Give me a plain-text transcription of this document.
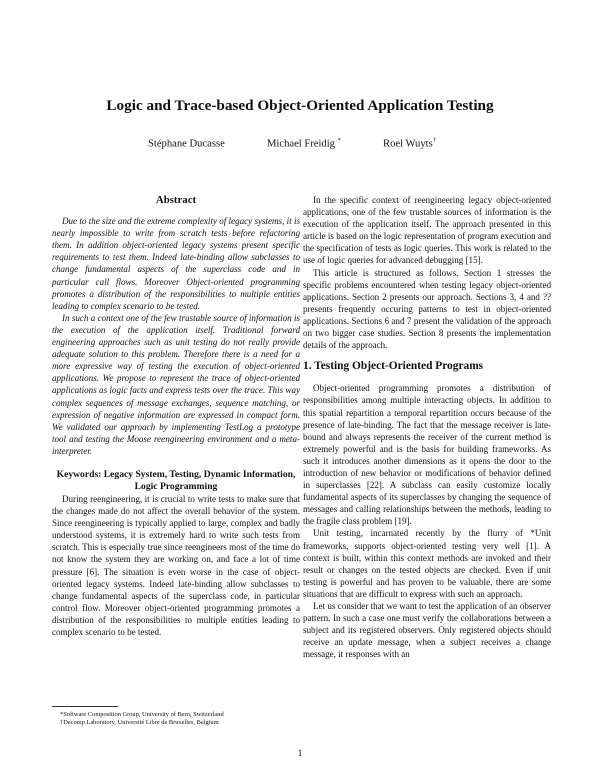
Logic and Trace-based Object-Oriented Application Testing
Stéphane Ducasse	Michael Freidig *	Roel Wuyts†
Abstract

Due to the size and the extreme complexity of legacy systems, it is nearly impossible to write from scratch tests before refactoring them. In addition object-oriented legacy systems present specific requirements to test them. Indeed late-binding allow subclasses to change fundamental aspects of the superclass code and in particular call flows. Moreover Object-oriented programming promotes a distribution of the responsibilities to multiple entities leading to complex scenario to be tested.

In such a context one of the few trustable source of information is the execution of the application itself. Traditional forward engineering approaches such as unit testing do not really provide adequate solution to this problem. Therefore there is a need for a more expressive way of testing the execution of object-oriented applications. We propose to represent the trace of object-oriented applications as logic facts and express tests over the trace. This way complex sequences of message exchanges, sequence matching, or expression of negative information are expressed in compact form. We validated our approach by implementing TestLog a prototype tool and testing the Moose reengineering environment and a meta-interpreter.

Keywords: Legacy System, Testing, Dynamic Information, Logic Programming

During reengineering, it is crucial to write tests to make sure that the changes made do not affect the overall behavior of the system. Since reengineering is typically applied to large, complex and badly understood systems, it is extremely hard to write such tests from scratch. This is especially true since reengineers most of the time do not know the system they are working on, and face a lot of time pressure [6]. The situation is even worse in the case of object-oriented legacy systems. Indeed late-binding allow subclasses to change fundamental aspects of the superclass code, in particular control flow. Moreover object-oriented programming promotes a distribution of the responsibilities to multiple entities leading to complex scenario to be tested.

In the specific context of reengineering legacy object-oriented applications, one of the few trustable sources of information is the execution of the application itself. The approach presented in this article is based on the logic representation of program execution and the specification of tests as logic queries. This work is related to the use of logic queries for advanced debugging [15].

This article is structured as follows. Section 1 stresses the specific problems encountered when testing legacy object-oriented applications. Section 2 presents our approach. Sections 3, 4 and ?? presents frequently occuring patterns to test in object-oriented applications. Sections 6 and 7 present the validation of the approach on two bigger case studies. Section 8 presents the implementation details of the approach.

1. Testing Object-Oriented Programs

Object-oriented programming promotes a distribution of responsibilities among multiple interacting objects. In addition to this spatial repartition a temporal repartition occurs because of the presence of late-binding. The fact that the message receiver is late-bound and always represents the receiver of the current method is extremely powerful and is the basis for building frameworks. As such it introduces another dimensions as it opens the door to the introduction of new behavior or modifications of behavior defined in superclasses [22]. A subclass can easily customize locally fundamental aspects of its superclasses by changing the sequence of messages and calling relationships between the methods, leading to the fragile class problem [19].

Unit testing, incarnated recently by the flurry of *Unit frameworks, supports object-oriented testing very well [1]. A context is built, within this context methods are invoked and their result or changes on the tested objects are checked. Even if unit testing is powerful and has proven to be valuable, there are some situations that are difficult to express with such an approach.

Let us consider that we want to test the application of an observer pattern. In such a case one must verify the collaborations between a subject and its registered observers. Only registered objects should receive an update message, when a subject receives a change message, it responses with an

*Software Composition Group, University of Bern, Switzerland
†Decomp Laboratory, Université Libre de Bruxelles, Belgium
1
